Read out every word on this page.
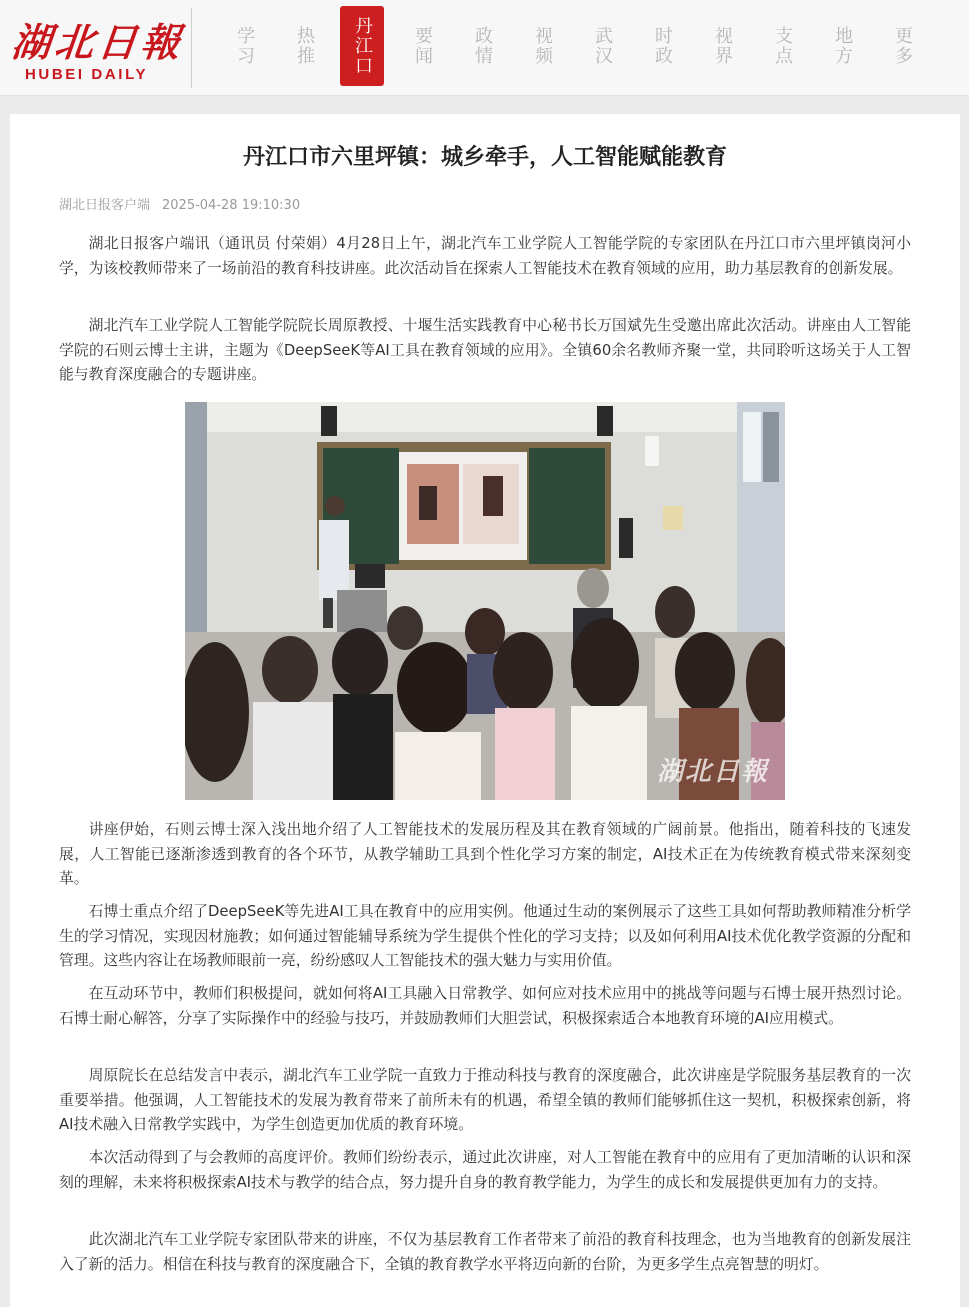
湖北日報
HUBEI DAILY
学习 热推 丹江口 要闻 政情 视频 武汉 时政 视界 支点 地方 更多
丹江口市六里坪镇：城乡牵手，人工智能赋能教育
湖北日报客户端 2025-04-28 19:10:30

湖北日报客户端讯（通讯员 付荣娟）4月28日上午，湖北汽车工业学院人工智能学院的专家团队在丹江口市六里坪镇岗河小学，为该校教师带来了一场前沿的教育科技讲座。此次活动旨在探索人工智能技术在教育领域的应用，助力基层教育的创新发展。

湖北汽车工业学院人工智能学院院长周原教授、十堰生活实践教育中心秘书长万国斌先生受邀出席此次活动。讲座由人工智能学院的石则云博士主讲，主题为《DeepSeeK等AI工具在教育领域的应用》。全镇60余名教师齐聚一堂，共同聆听这场关于人工智能与教育深度融合的专题讲座。

湖北日報

讲座伊始，石则云博士深入浅出地介绍了人工智能技术的发展历程及其在教育领域的广阔前景。他指出，随着科技的飞速发展，人工智能已逐渐渗透到教育的各个环节，从教学辅助工具到个性化学习方案的制定，AI技术正在为传统教育模式带来深刻变革。

石博士重点介绍了DeepSeeK等先进AI工具在教育中的应用实例。他通过生动的案例展示了这些工具如何帮助教师精准分析学生的学习情况，实现因材施教；如何通过智能辅导系统为学生提供个性化的学习支持；以及如何利用AI技术优化教学资源的分配和管理。这些内容让在场教师眼前一亮，纷纷感叹人工智能技术的强大魅力与实用价值。

在互动环节中，教师们积极提问，就如何将AI工具融入日常教学、如何应对技术应用中的挑战等问题与石博士展开热烈讨论。石博士耐心解答，分享了实际操作中的经验与技巧，并鼓励教师们大胆尝试，积极探索适合本地教育环境的AI应用模式。

周原院长在总结发言中表示，湖北汽车工业学院一直致力于推动科技与教育的深度融合，此次讲座是学院服务基层教育的一次重要举措。他强调，人工智能技术的发展为教育带来了前所未有的机遇，希望全镇的教师们能够抓住这一契机，积极探索创新，将AI技术融入日常教学实践中，为学生创造更加优质的教育环境。

本次活动得到了与会教师的高度评价。教师们纷纷表示，通过此次讲座，对人工智能在教育中的应用有了更加清晰的认识和深刻的理解，未来将积极探索AI技术与教学的结合点，努力提升自身的教育教学能力，为学生的成长和发展提供更加有力的支持。

此次湖北汽车工业学院专家团队带来的讲座，不仅为基层教育工作者带来了前沿的教育科技理念，也为当地教育的创新发展注入了新的活力。相信在科技与教育的深度融合下，全镇的教育教学水平将迈向新的台阶，为更多学生点亮智慧的明灯。
